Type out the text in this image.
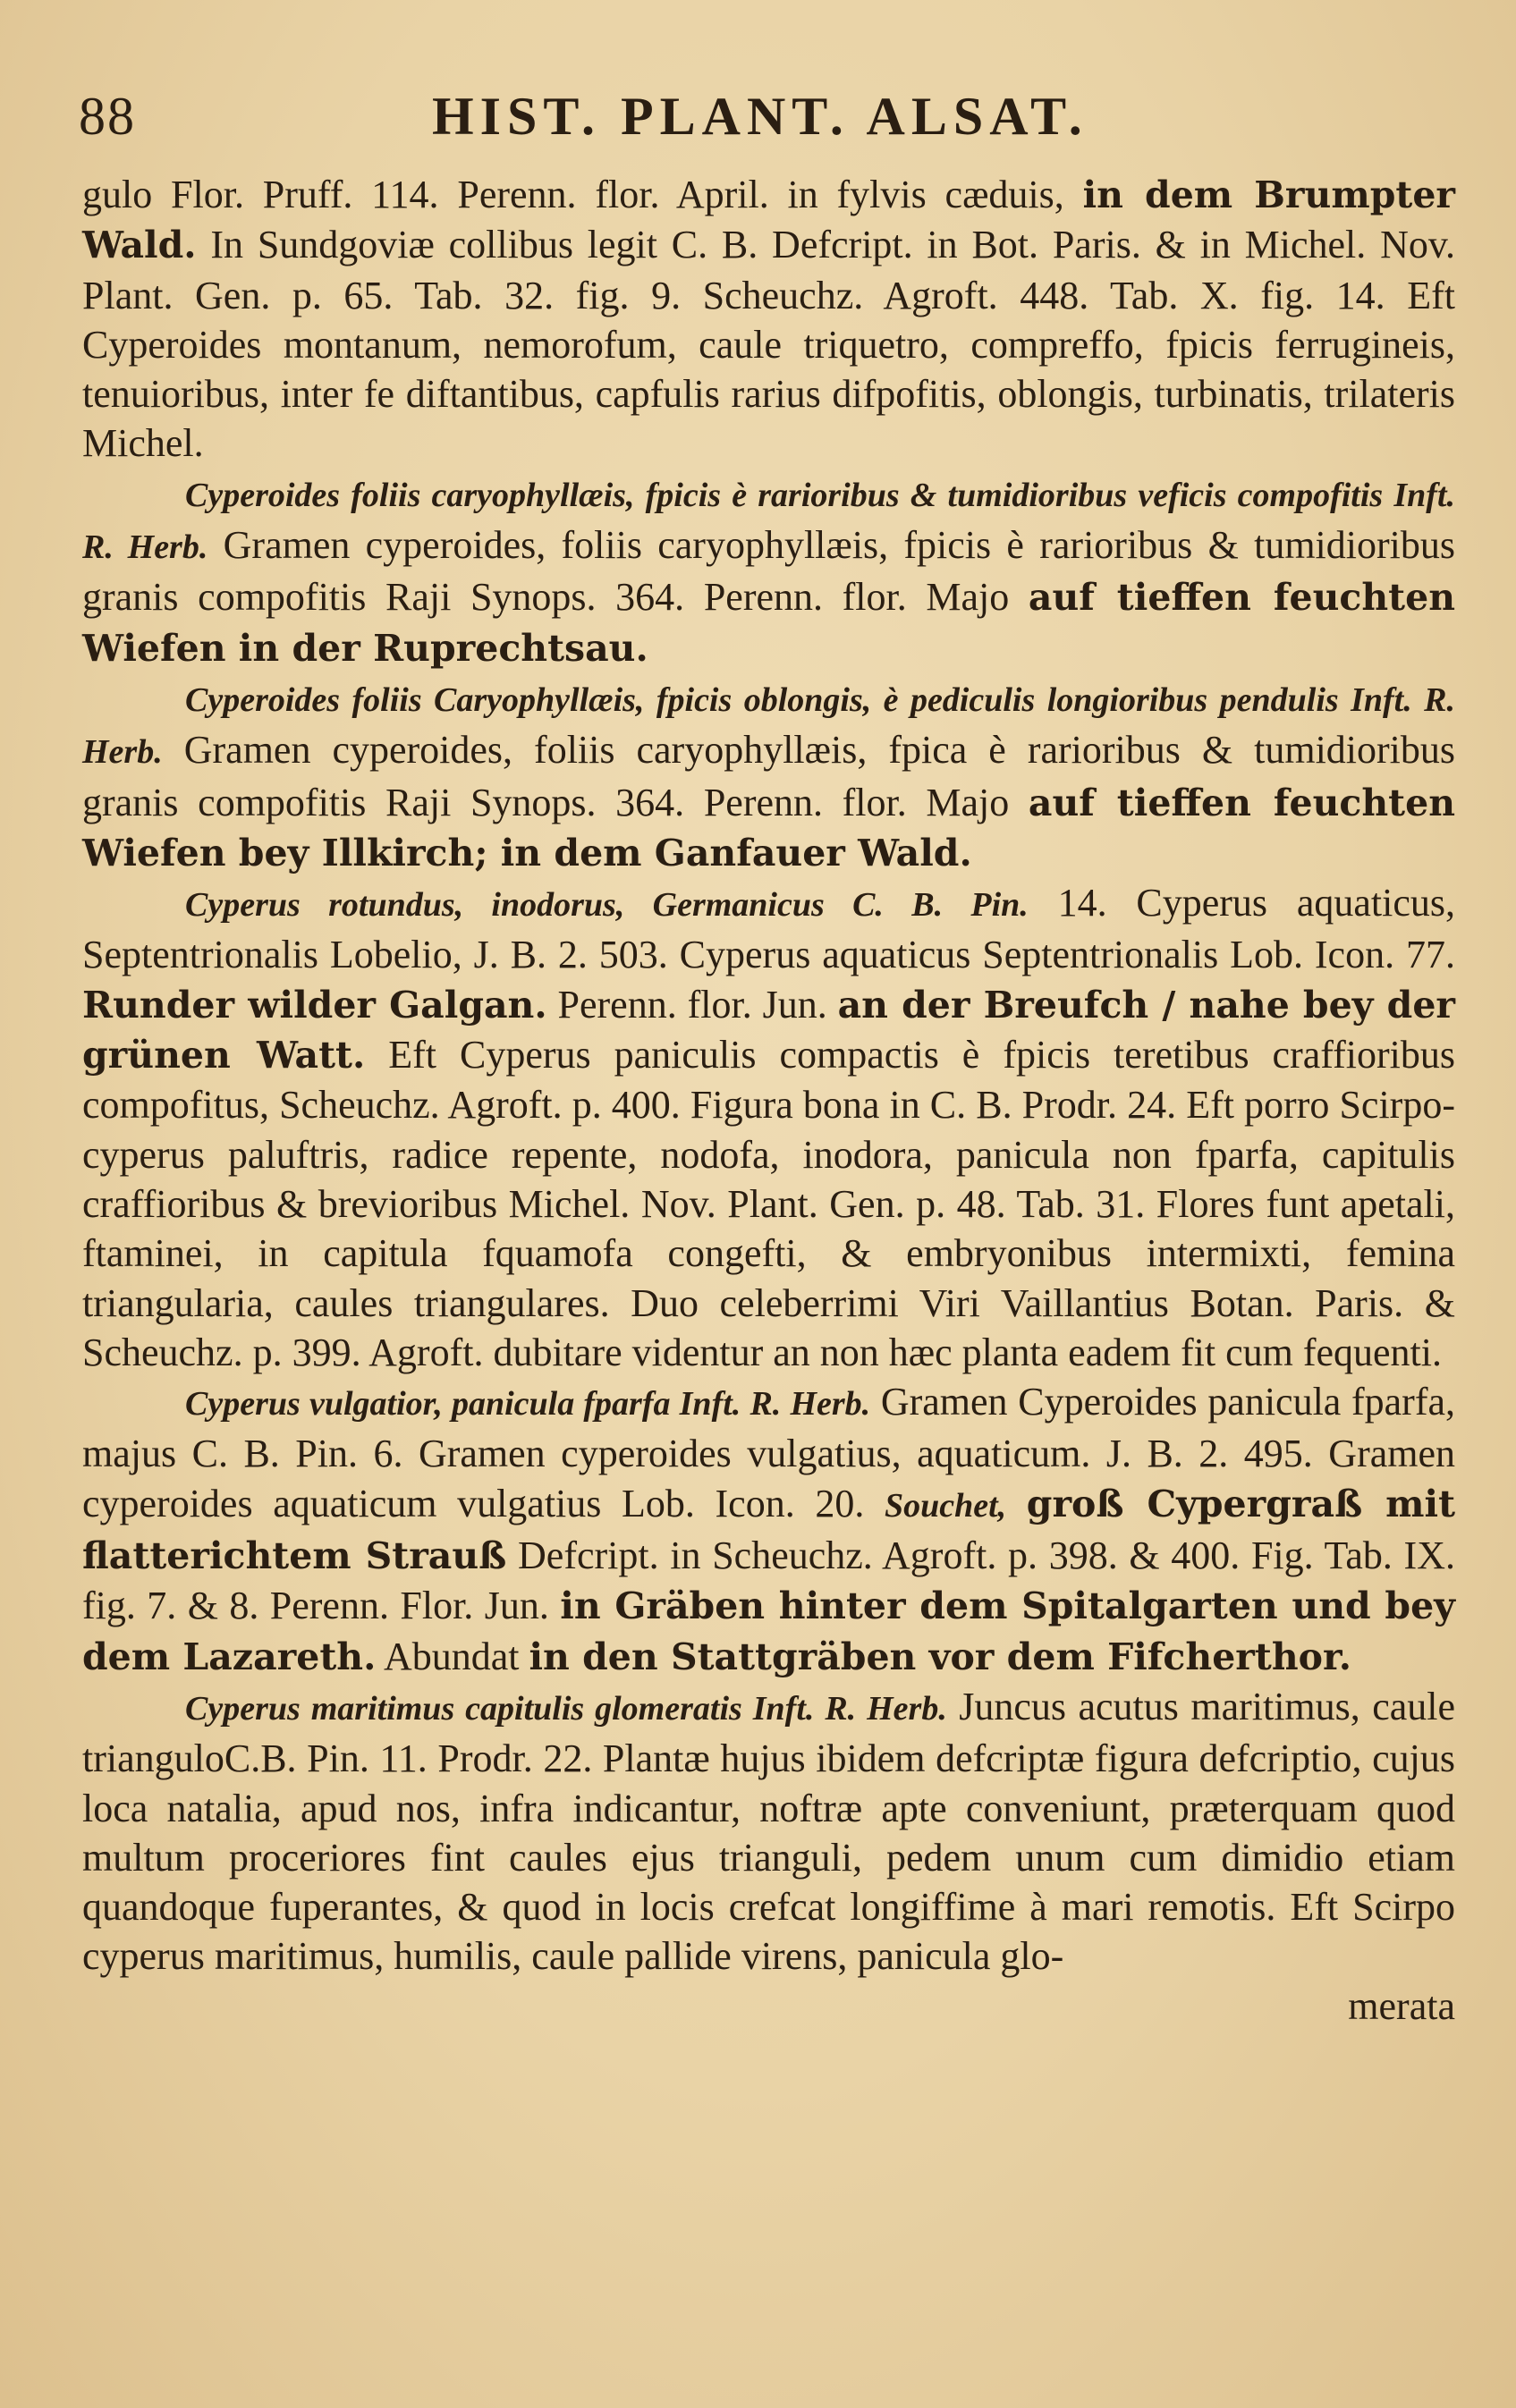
88	HIST. PLANT. ALSAT.

gulo Flor. Pruff. 114. Perenn. flor. April. in fylvis cæduis, in dem Brumpter Wald. In Sundgoviæ collibus legit C. B. Defcript. in Bot. Paris. & in Michel. Nov. Plant. Gen. p. 65. Tab. 32. fig. 9. Scheuchz. Agroft. 448. Tab. X. fig. 14. Eft Cyperoides montanum, nemorofum, caule triquetro, compreffo, fpicis ferrugineis, tenuioribus, inter fe diftantibus, capfulis rarius difpofitis, oblongis, turbinatis, trilateris Michel.

Cyperoides foliis caryophyllæis, fpicis è rarioribus & tumidioribus veficis compofitis Inft. R. Herb. Gramen cyperoides, foliis caryophyllæis, fpicis è rarioribus & tumidioribus granis compofitis Raji Synops. 364. Perenn. flor. Majo auf tieffen feuchten Wiefen in der Ruprechtsau.

Cyperoides foliis Caryophyllæis, fpicis oblongis, è pediculis longioribus pendulis Inft. R. Herb. Gramen cyperoides, foliis caryophyllæis, fpica è rarioribus & tumidioribus granis compofitis Raji Synops. 364. Perenn. flor. Majo auf tieffen feuchten Wiefen bey Illkirch; in dem Ganfauer Wald.

Cyperus rotundus, inodorus, Germanicus C. B. Pin. 14. Cyperus aquaticus, Septentrionalis Lobelio, J. B. 2. 503. Cyperus aquaticus Septentrionalis Lob. Icon. 77. Runder wilder Galgan. Perenn. flor. Jun. an der Breufch / nahe bey der grünen Watt. Eft Cyperus paniculis compactis è fpicis teretibus craffioribus compofitus, Scheuchz. Agroft. p. 400. Figura bona in C. B. Prodr. 24. Eft porro Scirpo-cyperus paluftris, radice repente, nodofa, inodora, panicula non fparfa, capitulis craffioribus & brevioribus Michel. Nov. Plant. Gen. p. 48. Tab. 31. Flores funt apetali, ftaminei, in capitula fquamofa congefti, & embryonibus intermixti, femina triangularia, caules triangulares. Duo celeberrimi Viri Vaillantius Botan. Paris. & Scheuchz. p. 399. Agroft. dubitare videntur an non hæc planta eadem fit cum fequenti.

Cyperus vulgatior, panicula fparfa Inft. R. Herb. Gramen Cyperoides panicula fparfa, majus C. B. Pin. 6. Gramen cyperoides vulgatius, aquaticum. J. B. 2. 495. Gramen cyperoides aquaticum vulgatius Lob. Icon. 20. Souchet, groß Cypergraß mit flatterichtem Strauß Defcript. in Scheuchz. Agroft. p. 398. & 400. Fig. Tab. IX. fig. 7. & 8. Perenn. Flor. Jun. in Gräben hinter dem Spitalgarten und bey dem Lazareth. Abundat in den Stattgräben vor dem Fifcherthor.

Cyperus maritimus capitulis glomeratis Inft. R. Herb. Juncus acutus maritimus, caule trianguloC.B. Pin. 11. Prodr. 22. Plantæ hujus ibidem defcriptæ figura defcriptio, cujus loca natalia, apud nos, infra indicantur, noftræ apte conveniunt, præterquam quod multum proceriores fint caules ejus trianguli, pedem unum cum dimidio etiam quandoque fuperantes, & quod in locis crefcat longiffime à mari remotis. Eft Scirpo cyperus maritimus, humilis, caule pallide virens, panicula glo-

merata
